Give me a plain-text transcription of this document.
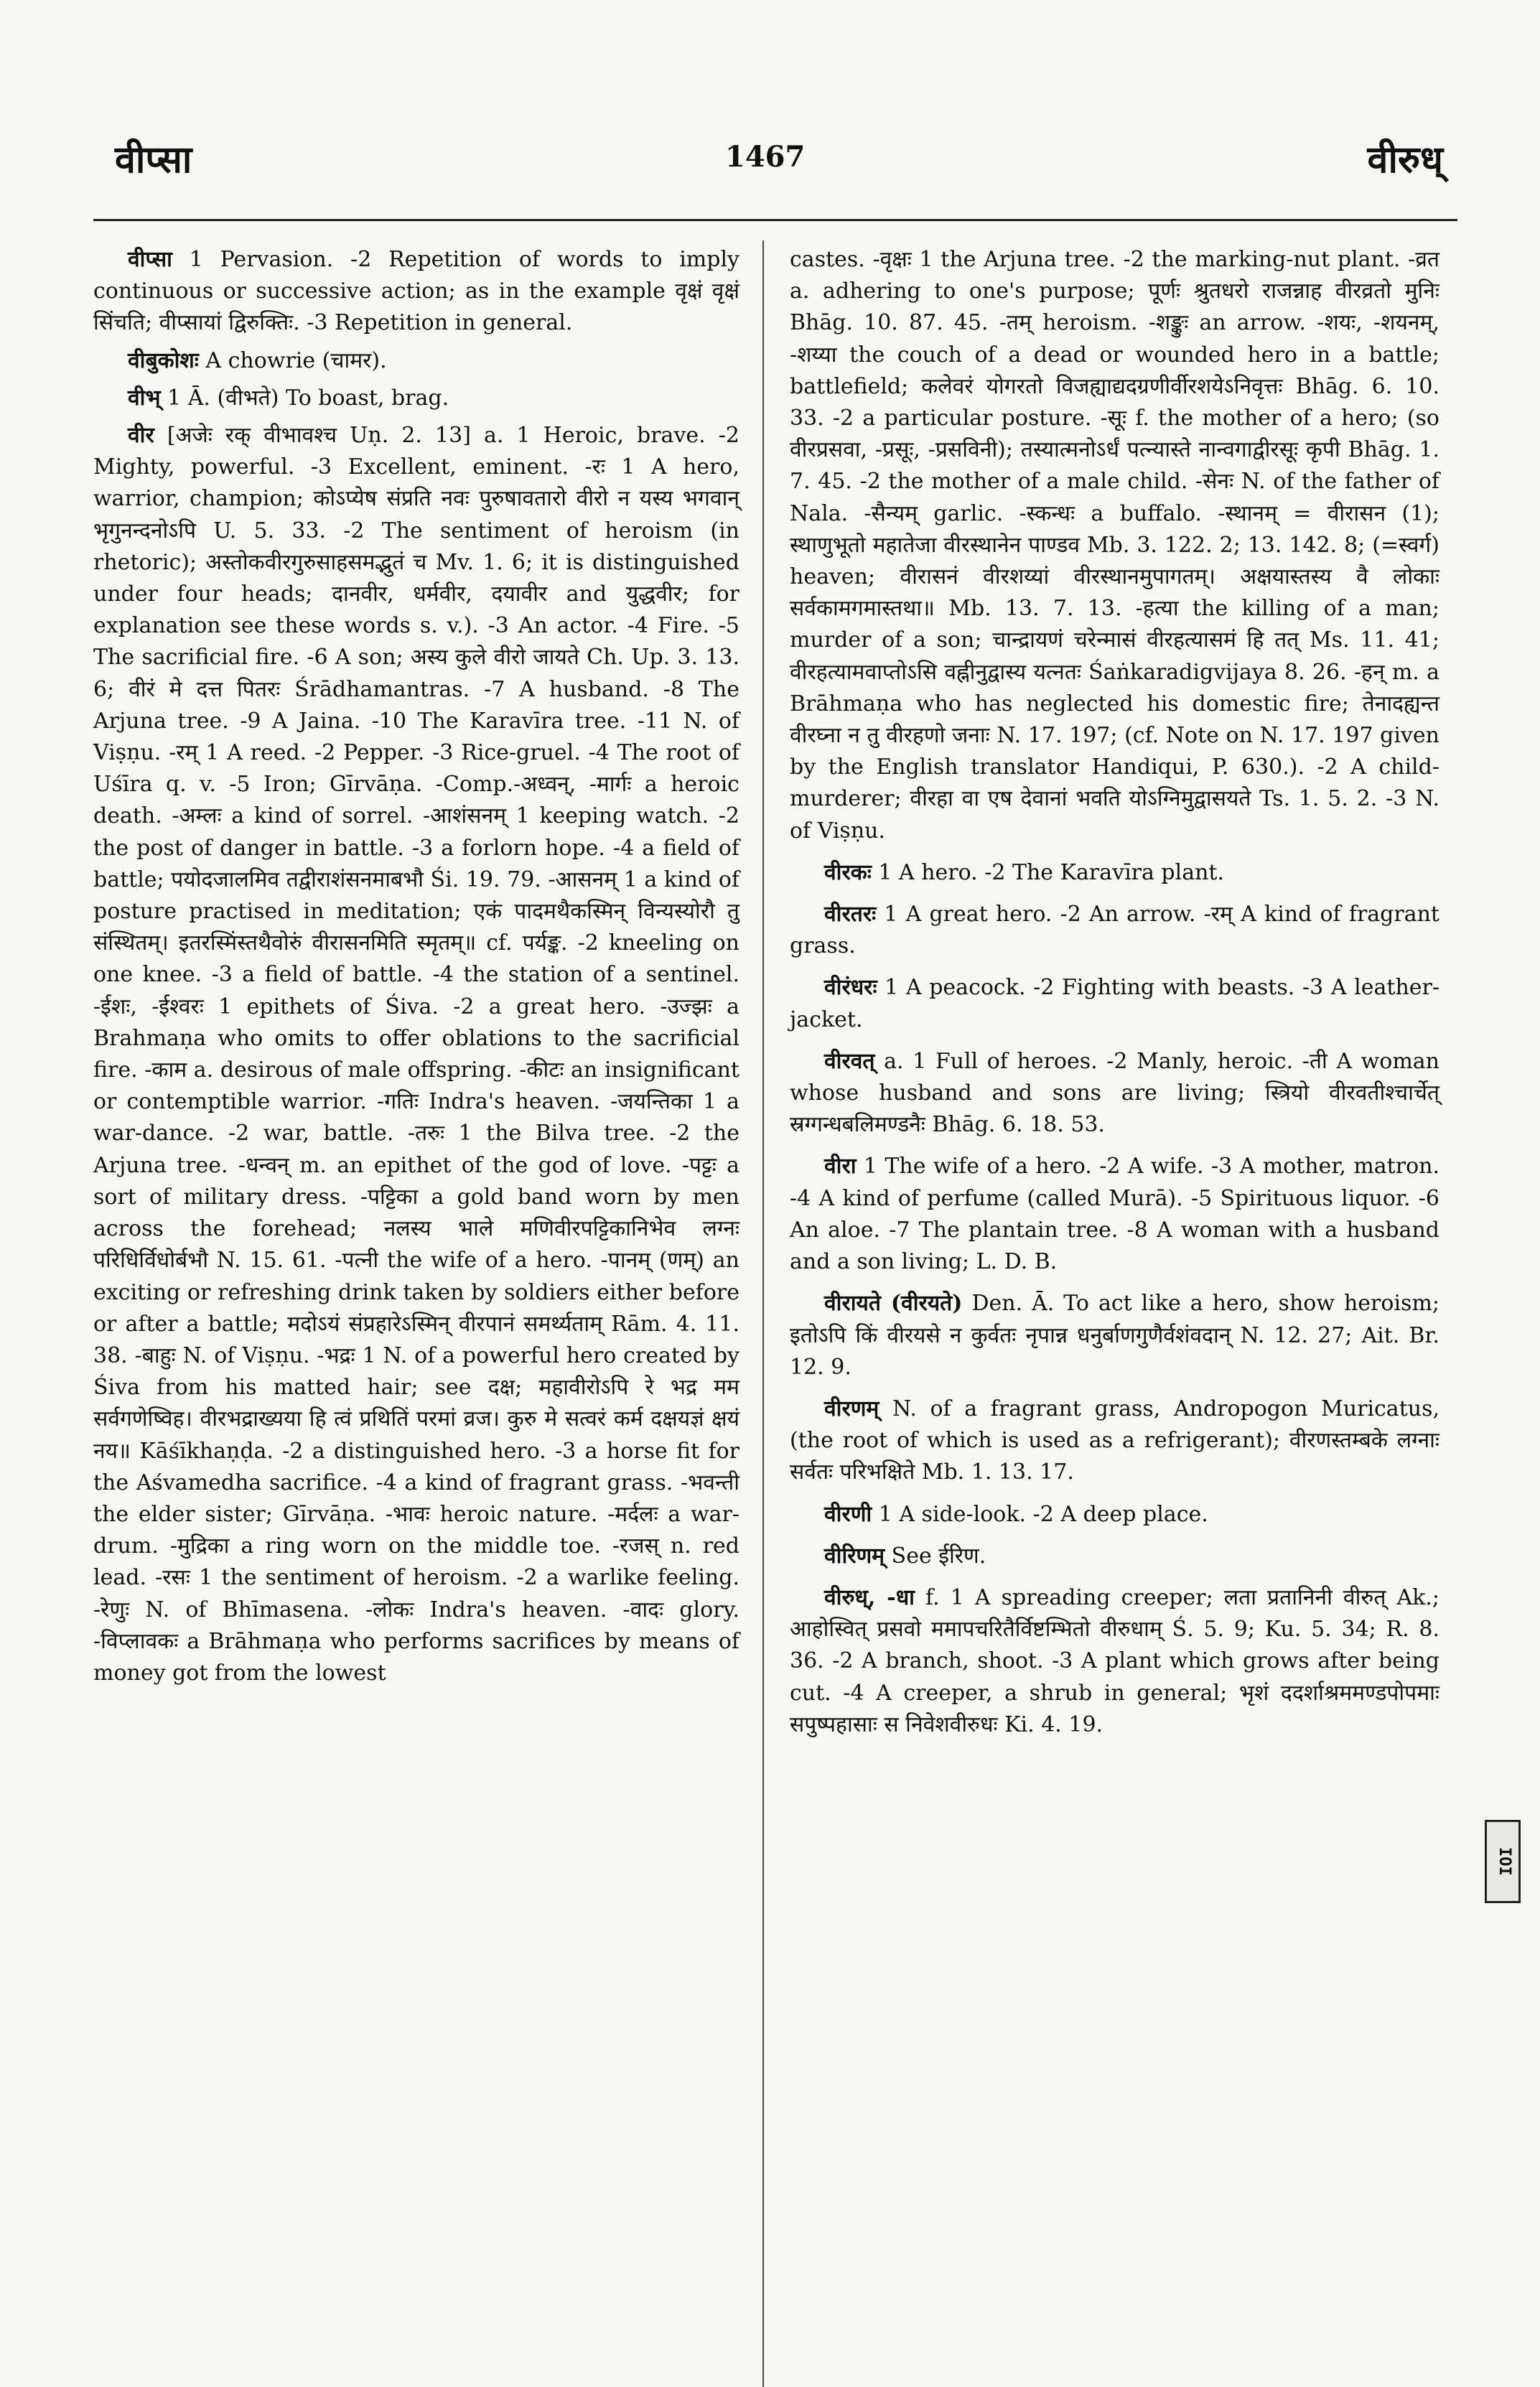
वीप्सा	1467	वीरुध्
वीप्सा 1 Pervasion. -2 Repetition of words to imply continuous or successive action; as in the example वृक्षं वृक्षं सिंचति; वीप्सायां द्विरुक्तिः. -3 Repetition in general.
वीबुकोशः A chowrie (चामर).
वीभ् 1 Ā. (वीभते) To boast, brag.
वीर [अजेः रक् वीभावश्च Uṇ. 2. 13] a. 1 Heroic, brave. -2 Mighty, powerful. -3 Excellent, eminent. -रः 1 A hero, warrior, champion; कोऽप्येष संप्रति नवः पुरुषावतारो वीरो न यस्य भगवान् भृगुनन्दनोऽपि U. 5. 33. -2 The sentiment of heroism (in rhetoric); अस्तोकवीरगुरुसाहसमद्भुतं च Mv. 1. 6; it is distinguished under four heads; दानवीर, धर्मवीर, दयावीर and युद्धवीर; for explanation see these words s. v.). -3 An actor. -4 Fire. -5 The sacrificial fire. -6 A son; अस्य कुले वीरो जायते Ch. Up. 3. 13. 6; वीरं मे दत्त पितरः Śrādhamantras. -7 A husband. -8 The Arjuna tree. -9 A Jaina. -10 The Karavīra tree. -11 N. of Viṣṇu. -रम् 1 A reed. -2 Pepper. -3 Rice-gruel. -4 The root of Uśīra q. v. -5 Iron; Gīrvāṇa. -Comp.-अध्वन्, -मार्गः a heroic death. -अम्लः a kind of sorrel. -आशंसनम् 1 keeping watch. -2 the post of danger in battle. -3 a forlorn hope. -4 a field of battle; पयोदजालमिव तद्वीराशंसनमाबभौ Śi. 19. 79. -आसनम् 1 a kind of posture practised in meditation; एकं पादमथैकस्मिन् विन्यस्योरौ तु संस्थितम्। इतरस्मिंस्तथैवोरुं वीरासनमिति स्मृतम्॥ cf. पर्यङ्क. -2 kneeling on one knee. -3 a field of battle. -4 the station of a sentinel. -ईशः, -ईश्वरः 1 epithets of Śiva. -2 a great hero. -उज्झः a Brahmaṇa who omits to offer oblations to the sacrificial fire. -काम a. desirous of male offspring. -कीटः an insignificant or contemptible warrior. -गतिः Indra's heaven. -जयन्तिका 1 a war-dance. -2 war, battle. -तरुः 1 the Bilva tree. -2 the Arjuna tree. -धन्वन् m. an epithet of the god of love. -पट्टः a sort of military dress. -पट्टिका a gold band worn by men across the forehead; नलस्य भाले मणिवीरपट्टिकानिभेव लग्नः परिधिर्विधोर्बभौ N. 15. 61. -पत्नी the wife of a hero. -पानम् (णम्) an exciting or refreshing drink taken by soldiers either before or after a battle; मदोऽयं संप्रहारेऽस्मिन् वीरपानं समर्थ्यताम् Rām. 4. 11. 38. -बाहुः N. of Viṣṇu. -भद्रः 1 N. of a powerful hero created by Śiva from his matted hair; see दक्ष; महावीरोऽपि रे भद्र मम सर्वगणेष्विह। वीरभद्राख्यया हि त्वं प्रथितिं परमां व्रज। कुरु मे सत्वरं कर्म दक्षयज्ञं क्षयं नय॥ Kāśīkhaṇḍa. -2 a distinguished hero. -3 a horse fit for the Aśvamedha sacrifice. -4 a kind of fragrant grass. -भवन्ती the elder sister; Gīrvāṇa. -भावः heroic nature. -मर्दलः a war-drum. -मुद्रिका a ring worn on the middle toe. -रजस् n. red lead. -रसः 1 the sentiment of heroism. -2 a warlike feeling. -रेणुः N. of Bhīmasena. -लोकः Indra's heaven. -वादः glory. -विप्लावकः a Brāhmaṇa who performs sacrifices by means of money got from the lowest
castes. -वृक्षः 1 the Arjuna tree. -2 the marking-nut plant. -व्रत a. adhering to one's purpose; पूर्णः श्रुतधरो राजन्नाह वीरव्रतो मुनिः Bhāg. 10. 87. 45. -तम् heroism. -शङ्कुः an arrow. -शयः, -शयनम्, -शय्या the couch of a dead or wounded hero in a battle; battlefield; कलेवरं योगरतो विजह्याद्यदग्रणीर्वीरशयेऽनिवृत्तः Bhāg. 6. 10. 33. -2 a particular posture. -सूः f. the mother of a hero; (so वीरप्रसवा, -प्रसूः, -प्रसविनी); तस्यात्मनोऽर्धं पत्न्यास्ते नान्वगाद्वीरसूः कृपी Bhāg. 1. 7. 45. -2 the mother of a male child. -सेनः N. of the father of Nala. -सैन्यम् garlic. -स्कन्धः a buffalo. -स्थानम् = वीरासन (1); स्थाणुभूतो महातेजा वीरस्थानेन पाण्डव Mb. 3. 122. 2; 13. 142. 8; (=स्वर्ग) heaven; वीरासनं वीरशय्यां वीरस्थानमुपागतम्। अक्षयास्तस्य वै लोकाः सर्वकामगमास्तथा॥ Mb. 13. 7. 13. -हत्या the killing of a man; murder of a son; चान्द्रायणं चरेन्मासं वीरहत्यासमं हि तत् Ms. 11. 41; वीरहत्यामवाप्तोऽसि वह्नीनुद्वास्य यत्नतः Śaṅkaradigvijaya 8. 26. -हन् m. a Brāhmaṇa who has neglected his domestic fire; तेनादह्यन्त वीरघ्ना न तु वीरहणो जनाः N. 17. 197; (cf. Note on N. 17. 197 given by the English translator Handiqui, P. 630.). -2 A child-murderer; वीरहा वा एष देवानां भवति योऽग्निमुद्वासयते Ts. 1. 5. 2. -3 N. of Viṣṇu.
वीरकः 1 A hero. -2 The Karavīra plant.
वीरतरः 1 A great hero. -2 An arrow. -रम् A kind of fragrant grass.
वीरंधरः 1 A peacock. -2 Fighting with beasts. -3 A leather-jacket.
वीरवत् a. 1 Full of heroes. -2 Manly, heroic. -ती A woman whose husband and sons are living; स्त्रियो वीरवतीश्चार्चेत् स्रग्गन्धबलिमण्डनैः Bhāg. 6. 18. 53.
वीरा 1 The wife of a hero. -2 A wife. -3 A mother, matron. -4 A kind of perfume (called Murā). -5 Spirituous liquor. -6 An aloe. -7 The plantain tree. -8 A woman with a husband and a son living; L. D. B.
वीरायते (वीरयते) Den. Ā. To act like a hero, show heroism; इतोऽपि किं वीरयसे न कुर्वतः नृपान्न धनुर्बाणगुणैर्वशंवदान् N. 12. 27; Ait. Br. 12. 9.
वीरणम् N. of a fragrant grass, Andropogon Muricatus, (the root of which is used as a refrigerant); वीरणस्तम्बके लग्नाः सर्वतः परिभक्षिते Mb. 1. 13. 17.
वीरणी 1 A side-look. -2 A deep place.
वीरिणम् See ईरिण.
वीरुध्, -धा f. 1 A spreading creeper; लता प्रतानिनी वीरुत् Ak.; आहोस्वित् प्रसवो ममापचरितैर्विष्टम्भितो वीरुधाम् Ś. 5. 9; Ku. 5. 34; R. 8. 36. -2 A branch, shoot. -3 A plant which grows after being cut. -4 A creeper, a shrub in general; भृशं ददर्शाश्रममण्डपोपमाः सपुष्पहासाः स निवेशवीरुधः Ki. 4. 19.
IOI
